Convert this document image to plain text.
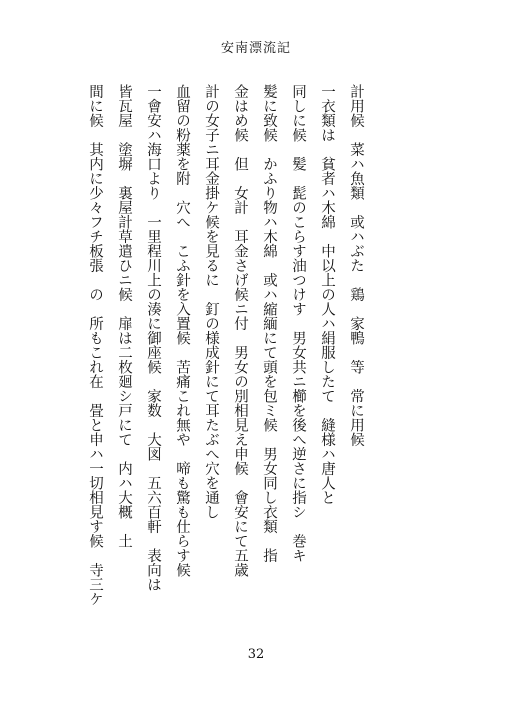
安南漂流記
計用候　菜ハ魚類　或ハぶた　鶏　家鴨　等　常に用候
一衣類は　貧者ハ木綿　中以上の人ハ絹服したて　縫様ハ唐人と
同しに候　髪　髭のこらす油つけす　男女共ニ櫛を後へ逆さに指シ　巻キ
髪に致候　かふり物ハ木綿　或ハ縮緬にて頭を包ミ候　男女同し衣類　指
金はめ候　但　女計　耳金さげ候ニ付　男女の別相見え申候　會安にて五歳
計の女子ニ耳金掛ケ候を見るに　釘の様成針にて耳たぶへ穴を通し
血留の粉薬を附　穴へ　こふ針を入置候　苦痛これ無や　啼も驚も仕らす候
一會安ハ海口より　一里程川上の湊に御座候　家数　大図　五六百軒　表向は
皆瓦屋　塗塀　裏屋計草遣ひニ候　扉は二枚廻シ戸にて　内ハ大概　土
間に候　其内に少々フチ板張　の　所もこれ在　畳と申ハ一切相見す候　寺三ケ
32
